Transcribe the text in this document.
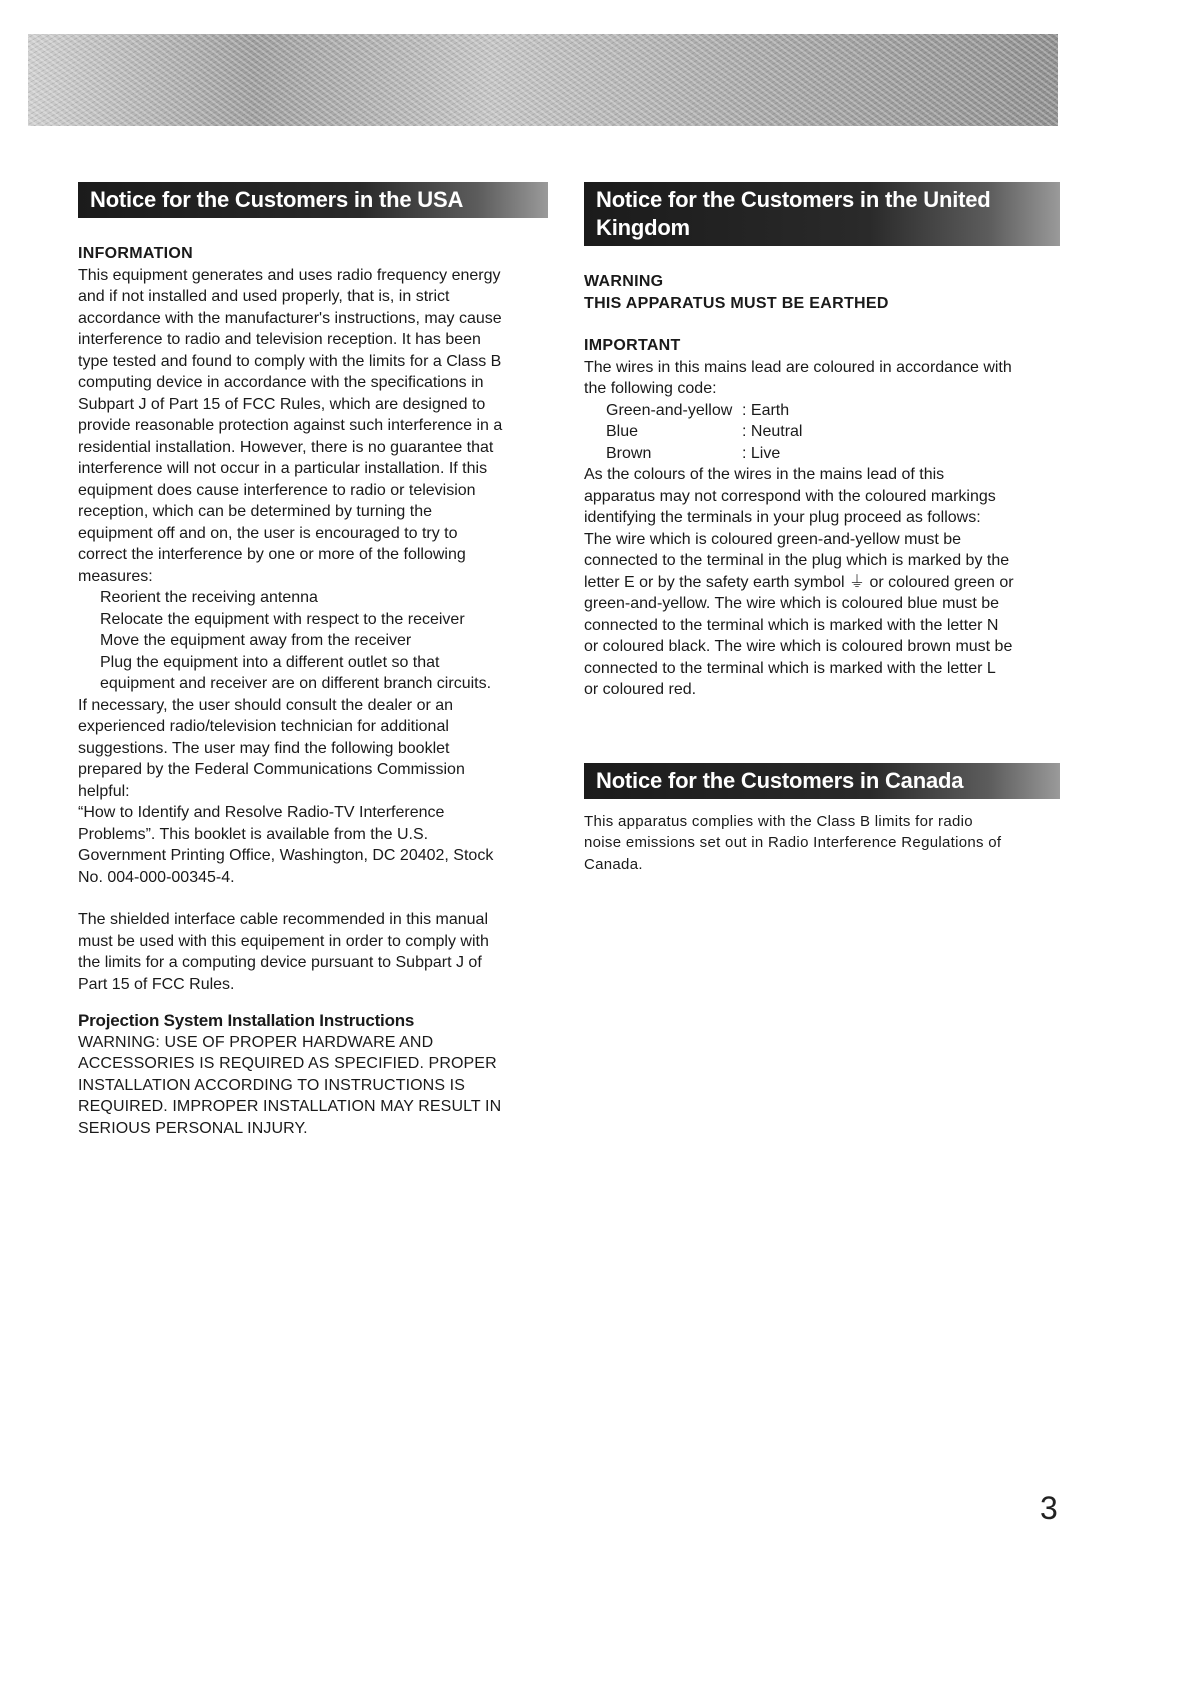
Notice for the Customers in the USA

INFORMATION

This equipment generates and uses radio frequency energy

and if not installed and used properly, that is, in strict

accordance with the manufacturer's instructions, may cause

interference to radio and television reception. It has been

type tested and found to comply with the limits for a Class B

computing device in accordance with the specifications in

Subpart J of Part 15 of FCC Rules, which are designed to

provide reasonable protection against such interference in a

residential installation. However, there is no guarantee that

interference will not occur in a particular installation. If this

equipment does cause interference to radio or television

reception, which can be determined by turning the

equipment off and on, the user is encouraged to try to

correct the interference by one or more of the following

measures:

Reorient the receiving antenna

Relocate the equipment with respect to the receiver

Move the equipment away from the receiver

Plug the equipment into a different outlet so that

equipment and receiver are on different branch circuits.

If necessary, the user should consult the dealer or an

experienced radio/television technician for additional

suggestions. The user may find the following booklet

prepared by the Federal Communications Commission

helpful:

“How to Identify and Resolve Radio-TV Interference

Problems”. This booklet is available from the U.S.

Government Printing Office, Washington, DC 20402, Stock

No. 004-000-00345-4.

The shielded interface cable recommended in this manual

must be used with this equipement in order to comply with

the limits for a computing device pursuant to Subpart J of

Part 15 of FCC Rules.

Projection System Installation Instructions

WARNING: USE OF PROPER HARDWARE AND

ACCESSORIES IS REQUIRED AS SPECIFIED. PROPER

INSTALLATION ACCORDING TO INSTRUCTIONS IS

REQUIRED. IMPROPER INSTALLATION MAY RESULT IN

SERIOUS PERSONAL INJURY.

Notice for the Customers in the United
Kingdom

WARNING

THIS APPARATUS MUST BE EARTHED

IMPORTANT

The wires in this mains lead are coloured in accordance with

the following code:

Green-and-yellow : Earth
Blue	: Neutral
Brown	: Live

As the colours of the wires in the mains lead of this

apparatus may not correspond with the coloured markings

identifying the terminals in your plug proceed as follows:

The wire which is coloured green-and-yellow must be

connected to the terminal in the plug which is marked by the

letter E or by the safety earth symbol ⏚ or coloured green or

green-and-yellow. The wire which is coloured blue must be

connected to the terminal which is marked with the letter N

or coloured black. The wire which is coloured brown must be

connected to the terminal which is marked with the letter L

or coloured red.

Notice for the Customers in Canada

This apparatus complies with the Class B limits for radio

noise emissions set out in Radio Interference Regulations of

Canada.

3
